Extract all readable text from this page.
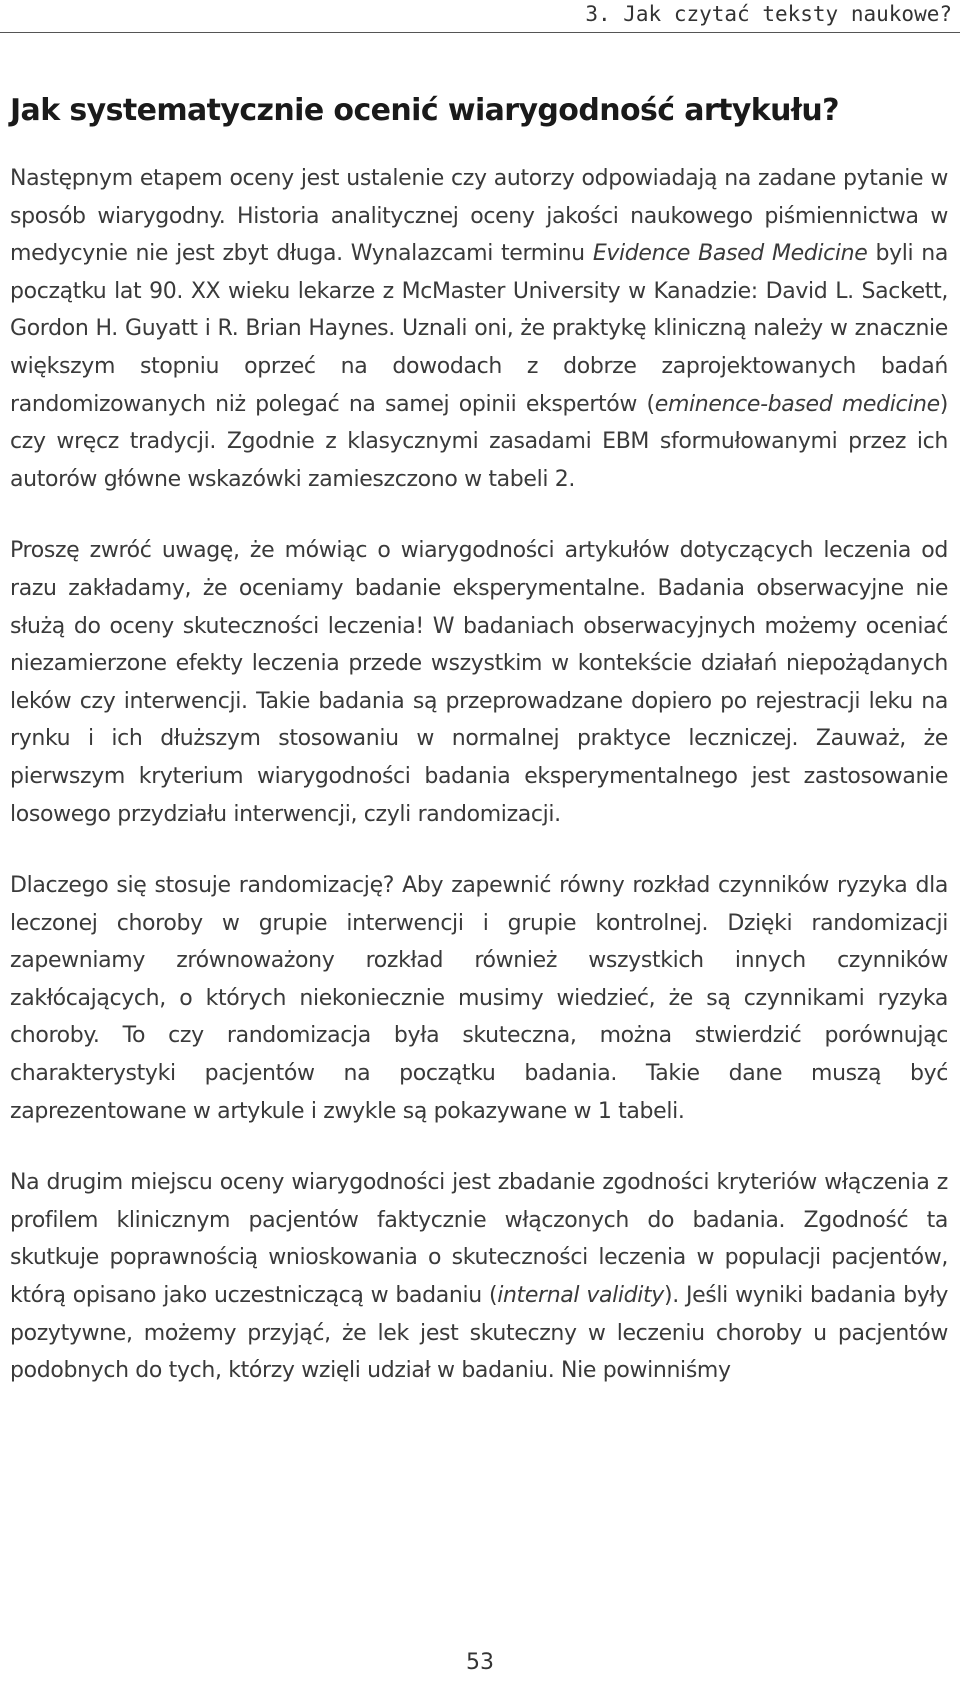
3. Jak czytać teksty naukowe?
Jak systematycznie ocenić wiarygodność artykułu?

Następnym etapem oceny jest ustalenie czy autorzy odpowiadają na zadane pytanie w sposób wiarygodny. Historia analitycznej oceny jakości naukowego piśmiennictwa w medycynie nie jest zbyt długa. Wynalazcami terminu Evidence Based Medicine byli na początku lat 90. XX wieku lekarze z McMaster University w Kanadzie: David L. Sackett, Gordon H. Guyatt i R. Brian Haynes. Uznali oni, że praktykę kliniczną należy w znacznie większym stopniu oprzeć na dowodach z dobrze zaprojektowanych badań randomizowanych niż polegać na samej opinii ekspertów (eminence-based medicine) czy wręcz tradycji. Zgodnie z klasycznymi zasadami EBM sformułowanymi przez ich autorów główne wskazówki zamieszczono w tabeli 2.

Proszę zwróć uwagę, że mówiąc o wiarygodności artykułów dotyczących leczenia od razu zakładamy, że oceniamy badanie eksperymentalne. Badania obserwacyjne nie służą do oceny skuteczności leczenia! W badaniach obserwacyjnych możemy oceniać niezamierzone efekty leczenia przede wszystkim w kontekście działań niepożądanych leków czy interwencji. Takie badania są przeprowadzane dopiero po rejestracji leku na rynku i ich dłuższym stosowaniu w normalnej praktyce leczniczej. Zauważ, że pierwszym kryterium wiarygodności badania eksperymentalnego jest zastosowanie losowego przydziału interwencji, czyli randomizacji.

Dlaczego się stosuje randomizację? Aby zapewnić równy rozkład czynników ryzyka dla leczonej choroby w grupie interwencji i grupie kontrolnej. Dzięki randomizacji zapewniamy zrównoważony rozkład również wszystkich innych czynników zakłócających, o których niekoniecznie musimy wiedzieć, że są czynnikami ryzyka choroby. To czy randomizacja była skuteczna, można stwierdzić porównując charakterystyki pacjentów na początku badania. Takie dane muszą być zaprezentowane w artykule i zwykle są pokazywane w 1 tabeli.

Na drugim miejscu oceny wiarygodności jest zbadanie zgodności kryteriów włączenia z profilem klinicznym pacjentów faktycznie włączonych do badania. Zgodność ta skutkuje poprawnością wnioskowania o skuteczności leczenia w populacji pacjentów, którą opisano jako uczestniczącą w badaniu (internal validity). Jeśli wyniki badania były pozytywne, możemy przyjąć, że lek jest skuteczny w leczeniu choroby u pacjentów podobnych do tych, którzy wzięli udział w badaniu. Nie powinniśmy

53
